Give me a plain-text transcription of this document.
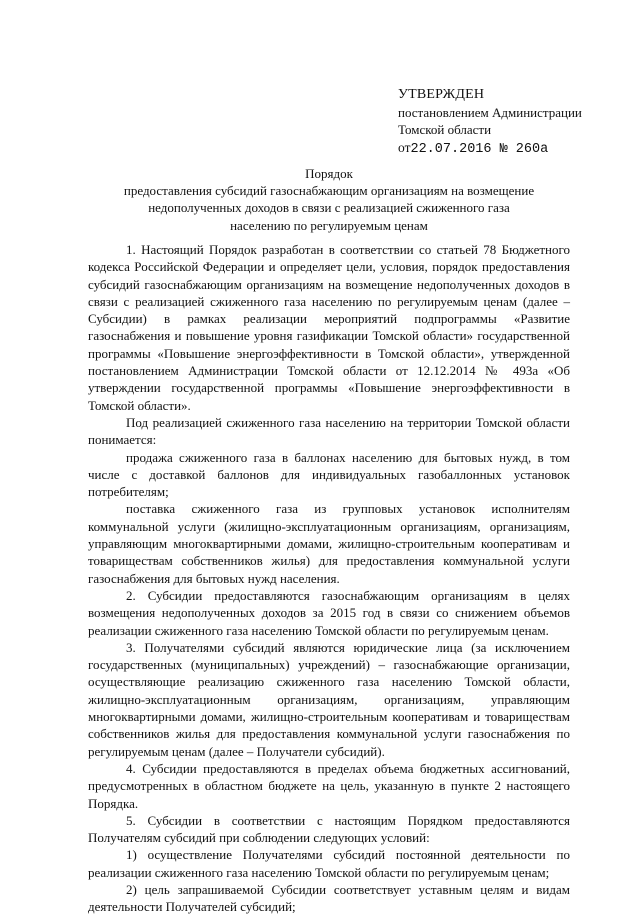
УТВЕРЖДЕН
постановлением Администрации
Томской области
от22.07.2016 № 260а
Порядок
предоставления субсидий газоснабжающим организациям на возмещение
недополученных доходов в связи с реализацией сжиженного газа
населению по регулируемым ценам

1. Настоящий Порядок разработан в соответствии со статьей 78 Бюджетного кодекса Российской Федерации и определяет цели, условия, порядок предоставления субсидий газоснабжающим организациям на возмещение недополученных доходов в связи с реализацией сжиженного газа населению по регулируемым ценам (далее – Субсидии) в рамках реализации мероприятий подпрограммы «Развитие газоснабжения и повышение уровня газификации Томской области» государственной программы «Повышение энергоэффективности в Томской области», утвержденной постановлением Администрации Томской области от 12.12.2014 № 493а «Об утверждении государственной программы «Повышение энергоэффективности в Томской области».

Под реализацией сжиженного газа населению на территории Томской области понимается:

продажа сжиженного газа в баллонах населению для бытовых нужд, в том числе с доставкой баллонов для индивидуальных газобаллонных установок потребителям;

поставка сжиженного газа из групповых установок исполнителям коммунальной услуги (жилищно-эксплуатационным организациям, организациям, управляющим многоквартирными домами, жилищно-строительным кооперативам и товариществам собственников жилья) для предоставления коммунальной услуги газоснабжения для бытовых нужд населения.

2. Субсидии предоставляются газоснабжающим организациям в целях возмещения недополученных доходов за 2015 год в связи со снижением объемов реализации сжиженного газа населению Томской области по регулируемым ценам.

3. Получателями субсидий являются юридические лица (за исключением государственных (муниципальных) учреждений) – газоснабжающие организации, осуществляющие реализацию сжиженного газа населению Томской области, жилищно-эксплуатационным организациям, организациям, управляющим многоквартирными домами, жилищно-строительным кооперативам и товариществам собственников жилья для предоставления коммунальной услуги газоснабжения по регулируемым ценам (далее – Получатели субсидий).

4. Субсидии предоставляются в пределах объема бюджетных ассигнований, предусмотренных в областном бюджете на цель, указанную в пункте 2 настоящего Порядка.

5. Субсидии в соответствии с настоящим Порядком предоставляются Получателям субсидий при соблюдении следующих условий:

1) осуществление Получателями субсидий постоянной деятельности по реализации сжиженного газа населению Томской области по регулируемым ценам;

2) цель запрашиваемой Субсидии соответствует уставным целям и видам деятельности Получателей субсидий;
